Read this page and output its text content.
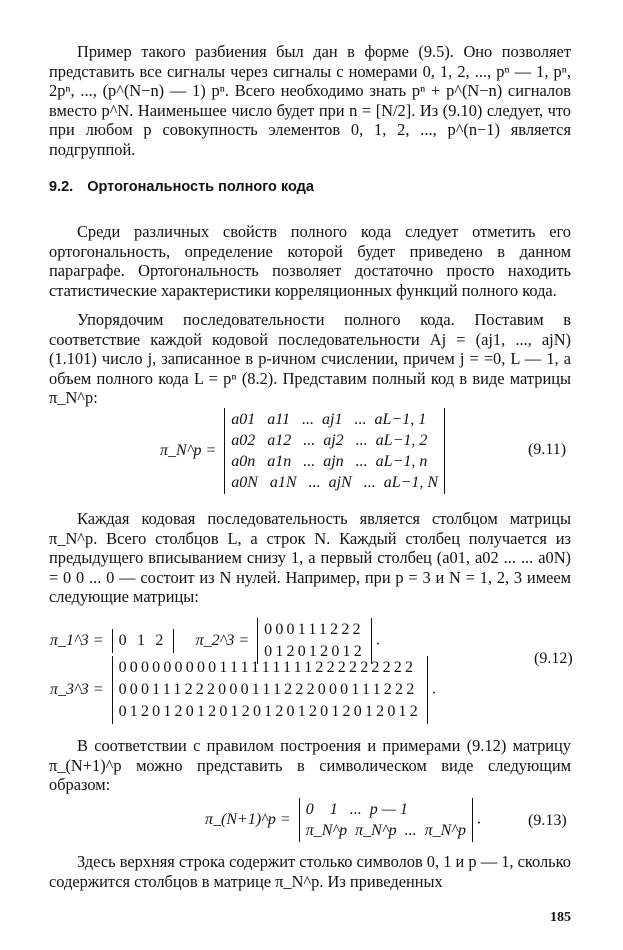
Пример такого разбиения был дан в форме (9.5). Оно позволяет представить все сигналы через сигналы с номерами 0, 1, 2, ..., pⁿ — 1, pⁿ, 2pⁿ, ..., (p^(N−n) — 1) pⁿ. Всего необходимо знать pⁿ + p^(N−n) сигналов вместо p^N. Наименьшее число будет при n = [N/2]. Из (9.10) следует, что при любом p совокупность элементов 0, 1, 2, ..., p^(n−1) является подгруппой.

9.2. Ортогональность полного кода

Среди различных свойств полного кода следует отметить его ортогональность, определение которой будет приведено в данном параграфе. Ортогональность позволяет достаточно просто находить статистические характеристики корреляционных функций полного кода.

Упорядочим последовательности полного кода. Поставим в соответствие каждой кодовой последовательности Aj = (aj1, ..., ajN) (1.101) число j, записанное в p-ичном счислении, причем j = =0, L — 1, а объем полного кода L = pⁿ (8.2). Представим полный код в виде матрицы π_N^p:

π_N^p =
a01   a11   ...  aj1   ...  aL−1, 1
a02   a12   ...  aj2   ...  aL−1, 2
a0n   a1n   ...  ajn   ...  aL−1, n
a0N   a1N   ...  ajN   ...  aL−1, N
(9.11)

Каждая кодовая последовательность является столбцом матрицы π_N^p. Всего столбцов L, а строк N. Каждый столбец получается из предыдущего вписыванием снизу 1, а первый столбец (a01, a02 ... ... a0N) = 0 0 ... 0 — состоит из N нулей. Например, при p = 3 и N = 1, 2, 3 имеем следующие матрицы:

π_1^3 = 0 1 2 π_2^3 =
000111222
012012012
.
π_3^3 =
000000000111111111222222222
000111222000111222000111222
012012012012012012012012012
.
(9.12)

В соответствии с правилом построения и примерами (9.12) матрицу π_(N+1)^p можно представить в символическом виде следующим образом:

π_(N+1)^p =
0    1   ...  p — 1
π_N^p  π_N^p  ...  π_N^p
.	(9.13)

Здесь верхняя строка содержит столько символов 0, 1 и p — 1, сколько содержится столбцов в матрице π_N^p. Из приведенных

185
